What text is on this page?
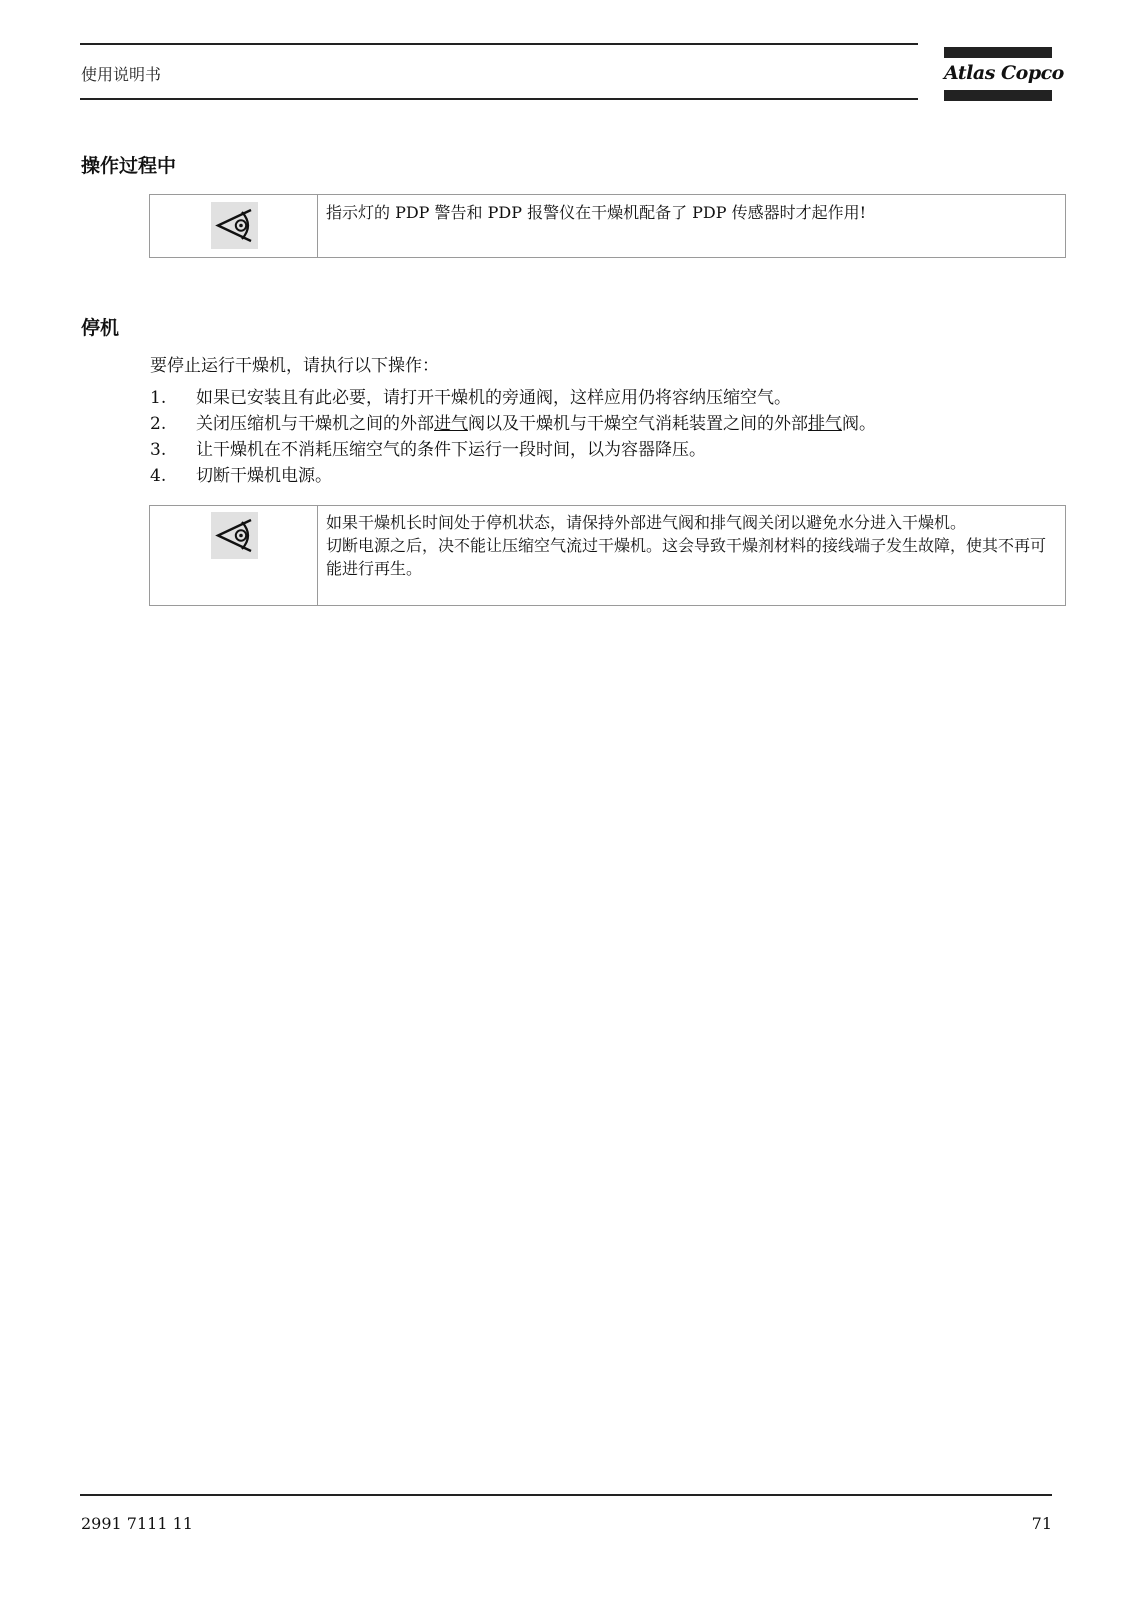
使用说明书	Atlas Copco
操作过程中

指示灯的 PDP 警告和 PDP 报警仪在干燥机配备了 PDP 传感器时才起作用!

停机
要停止运行干燥机，请执行以下操作：
1. 如果已安装且有此必要，请打开干燥机的旁通阀，这样应用仍将容纳压缩空气。
2. 关闭压缩机与干燥机之间的外部进气阀以及干燥机与干燥空气消耗装置之间的外部排气阀。
3. 让干燥机在不消耗压缩空气的条件下运行一段时间，以为容器降压。
4. 切断干燥机电源。

如果干燥机长时间处于停机状态，请保持外部进气阀和排气阀关闭以避免水分进入干燥机。

切断电源之后，决不能让压缩空气流过干燥机。这会导致干燥剂材料的接线端子发生故障，使其不再可能进行再生。

2991 7111 11	71
